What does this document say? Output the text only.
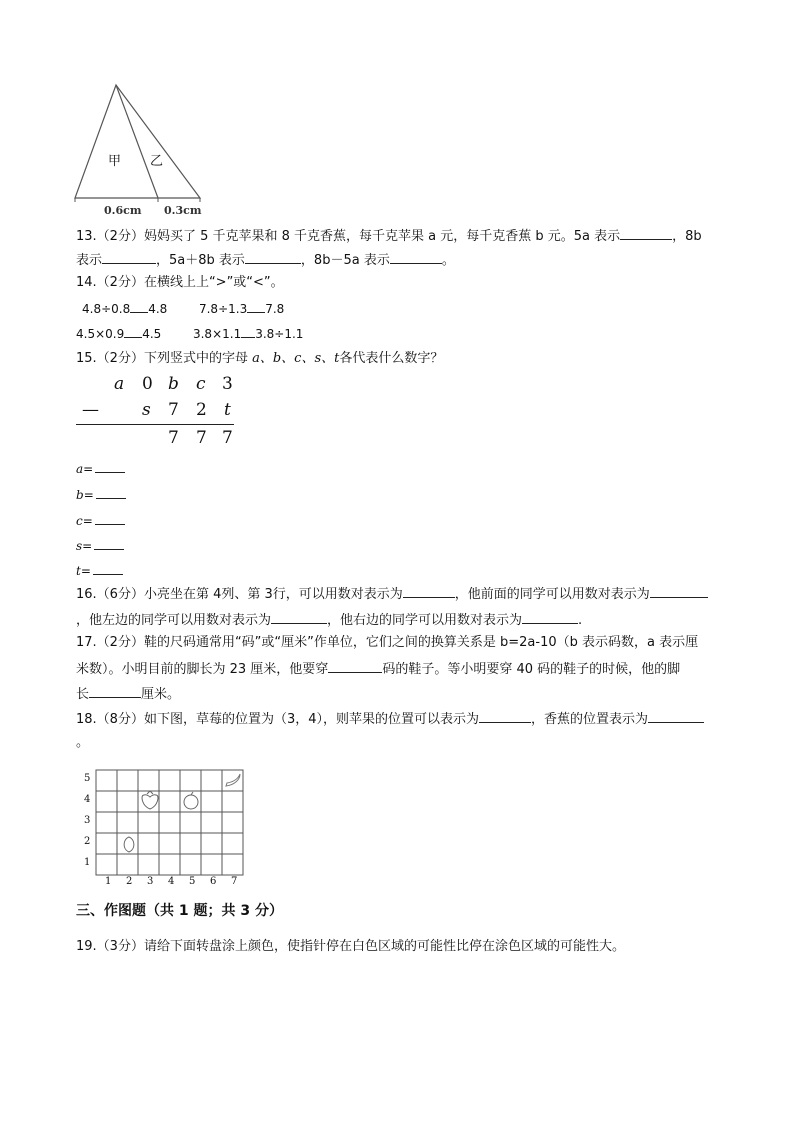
甲 乙
0.6cm 0.3cm
13.（2分）妈妈买了 5 千克苹果和 8 千克香蕉，每千克苹果 a 元，每千克香蕉 b 元。5a 表示	，8b
表示	，5a＋8b 表示	，8b－5a 表示	。
14.（2分）在横线上上“>”或“<”。
4.8÷0.8 4.8	7.8÷1.3 7.8
4.5×0.9 4.5	3.8×1.1 3.8÷1.1
15.（2分）下列竖式中的字母 a、b、c、s、t各代表什么数字？
a 0 b c 3
—	s 7 2 t
7 7 7
a=
b=
c=
s=
t=
16.（6分）小亮坐在第 4列、第 3行，可以用数对表示为	，他前面的同学可以用数对表示为
，他左边的同学可以用数对表示为	，他右边的同学可以用数对表示为	.
17.（2分）鞋的尺码通常用“码”或“厘米”作单位，它们之间的换算关系是 b=2a-10（b 表示码数，a 表示厘
米数）。小明目前的脚长为 23 厘米，他要穿	码的鞋子。等小明要穿 40 码的鞋子的时候，他的脚
长	厘米。
18.（8分）如下图，草莓的位置为（3，4），则苹果的位置可以表示为	，香蕉的位置表示为
。
5
4
3
2
1
1 2 3 4 5 6 7
三、作图题（共 1 题；共 3 分）
19.（3分）请给下面转盘涂上颜色，使指针停在白色区域的可能性比停在涂色区域的可能性大。
